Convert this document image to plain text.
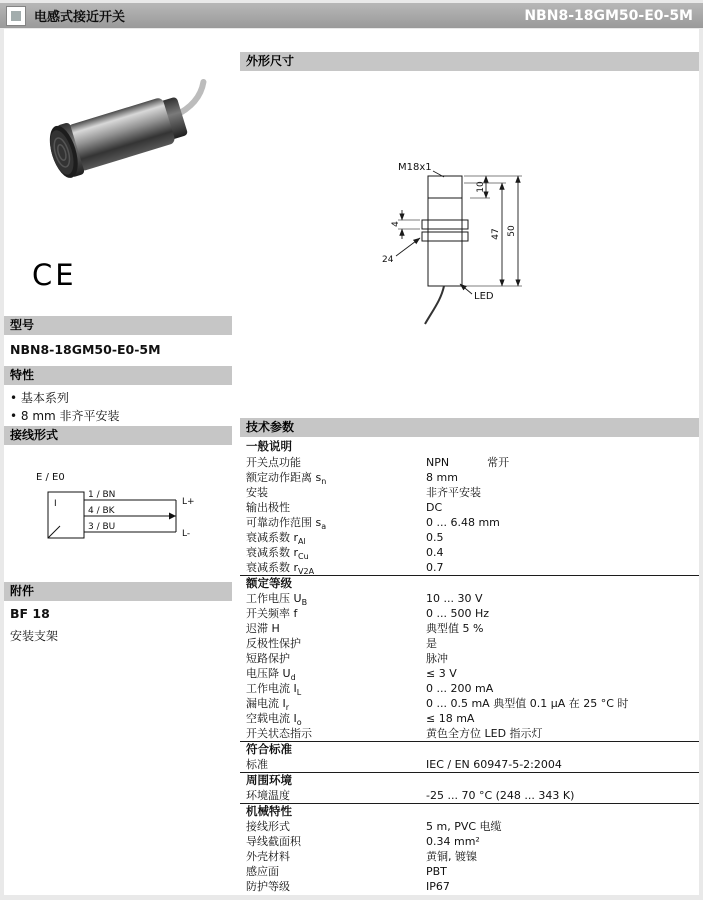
电感式接近开关	NBN8-18GM50-E0-5M
CE
型号
NBN8-18GM50-E0-5M
特性
• 基本系列
• 8 mm 非齐平安装
接线形式
E / E0
I
1 / BN
4 / BK
3 / BU
L+
L-
附件
BF 18
安装支架
外形尺寸
M18x1
10
47 50
4
24
LED
技术参数
一般说明
开关点功能	NPN	常开
额定动作距离 $s_n$	8 mm
安装	非齐平安装
输出极性	DC
可靠动作范围 $s_a$	0 ... 6.48 mm
衰减系数 $r_{Al}$	0.5
衰减系数 $r_{Cu}$	0.4
衰减系数 $r_{V2A}$	0.7
额定等级
工作电压 $U_B$	10 ... 30 V
开关频率 f	0 ... 500 Hz
迟滞 H	典型值 5 %
反极性保护	是
短路保护	脉冲
电压降 $U_d$	≤ 3 V
工作电流 $I_L$	0 ... 200 mA
漏电流 $I_r$	0 ... 0.5 mA 典型值 0.1 µA 在 25 °C 时
空载电流 $I_o$	≤ 18 mA
开关状态指示	黄色全方位 LED 指示灯
符合标准
标准	IEC / EN 60947-5-2:2004
周围环境
环境温度	-25 ... 70 °C (248 ... 343 K)
机械特性
接线形式	5 m, PVC 电缆
导线截面积	0.34 mm²
外壳材料	黄铜, 镀镍
感应面	PBT
防护等级	IP67
